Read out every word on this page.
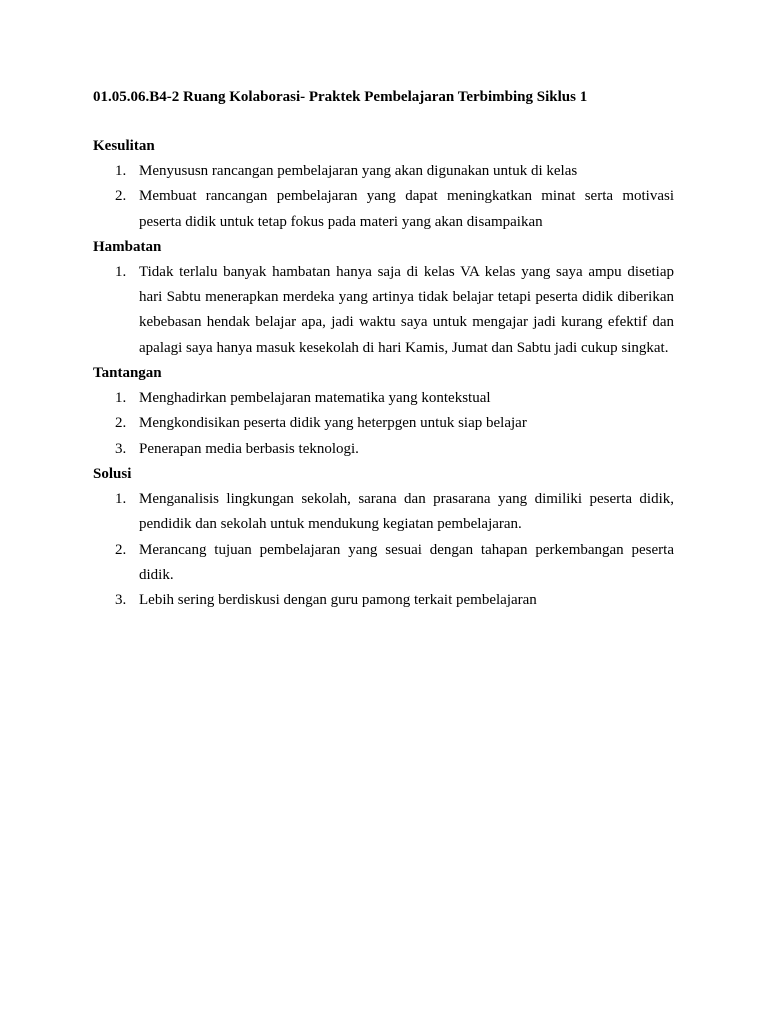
01.05.06.B4-2 Ruang Kolaborasi- Praktek Pembelajaran Terbimbing Siklus 1
Kesulitan
1. Menyususn rancangan pembelajaran yang akan digunakan untuk di kelas
2. Membuat rancangan pembelajaran yang dapat meningkatkan minat serta motivasi peserta didik untuk tetap fokus pada materi yang akan disampaikan
Hambatan
1. Tidak terlalu banyak hambatan hanya saja di kelas VA kelas yang saya ampu disetiap hari Sabtu menerapkan merdeka yang artinya tidak belajar tetapi peserta didik diberikan kebebasan hendak belajar apa, jadi waktu saya untuk mengajar jadi kurang efektif dan apalagi saya hanya masuk kesekolah di hari Kamis, Jumat dan Sabtu jadi cukup singkat.
Tantangan
1. Menghadirkan pembelajaran matematika yang kontekstual
2. Mengkondisikan peserta didik yang heterpgen untuk siap belajar
3. Penerapan media berbasis teknologi.
Solusi
1. Menganalisis lingkungan sekolah, sarana dan prasarana yang dimiliki peserta didik, pendidik dan sekolah untuk mendukung kegiatan pembelajaran.
2. Merancang tujuan pembelajaran yang sesuai dengan tahapan perkembangan peserta didik.
3. Lebih sering berdiskusi dengan guru pamong terkait pembelajaran
